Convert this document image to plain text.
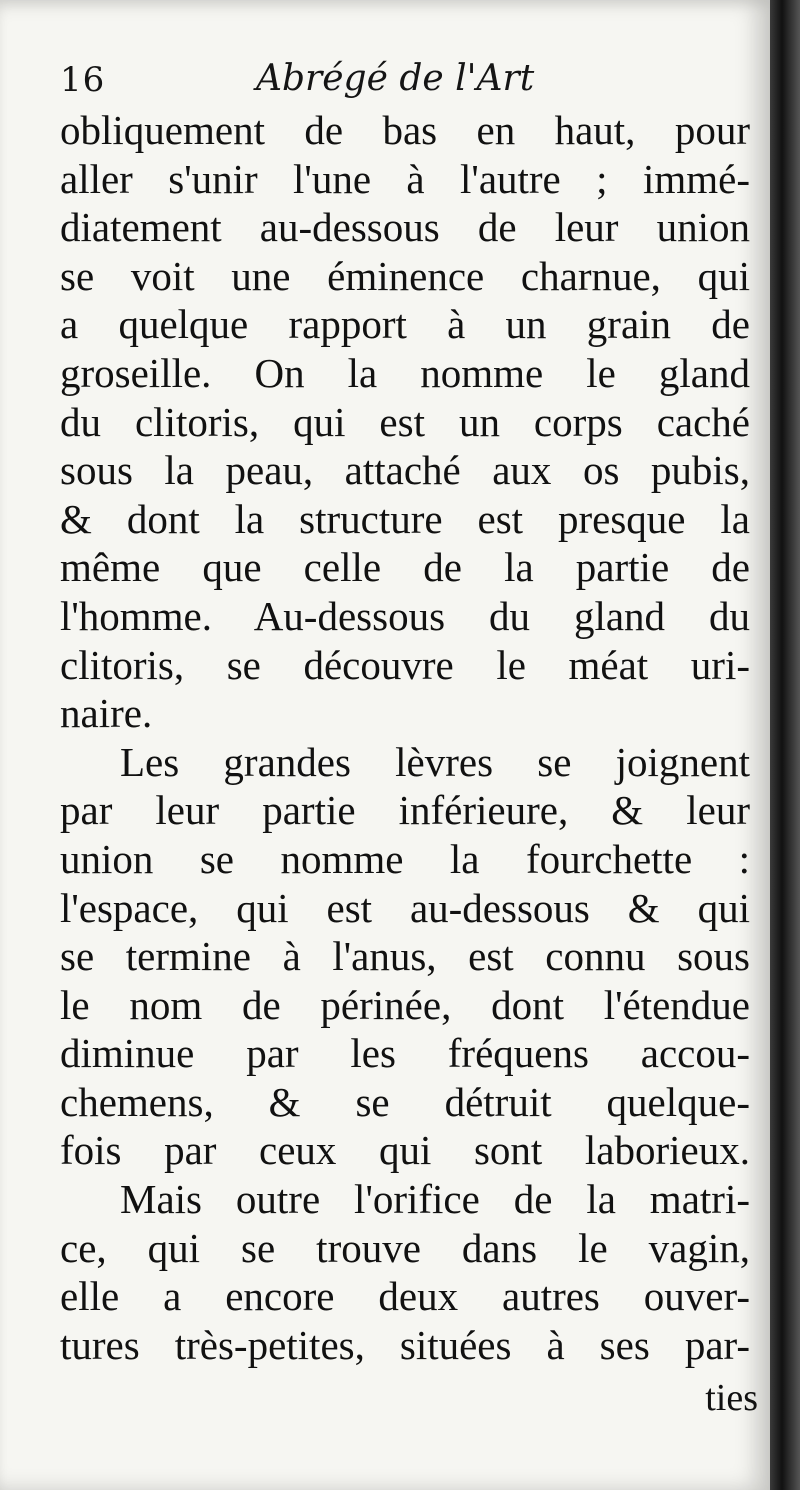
16	Abrégé de l'Art
obliquement de bas en haut, pour
aller s'unir l'une à l'autre ; immé-
diatement au-dessous de leur union
se voit une éminence charnue, qui
a quelque rapport à un grain de
groseille. On la nomme le gland
du clitoris, qui est un corps caché
sous la peau, attaché aux os pubis,
& dont la structure est presque la
même que celle de la partie de
l'homme. Au-dessous du gland du
clitoris, se découvre le méat uri-
naire.
Les grandes lèvres se joignent
par leur partie inférieure, & leur
union se nomme la fourchette :
l'espace, qui est au-dessous & qui
se termine à l'anus, est connu sous
le nom de périnée, dont l'étendue
diminue par les fréquens accou-
chemens, & se détruit quelque-
fois par ceux qui sont laborieux.
Mais outre l'orifice de la matri-
ce, qui se trouve dans le vagin,
elle a encore deux autres ouver-
tures très-petites, situées à ses par-
ties
